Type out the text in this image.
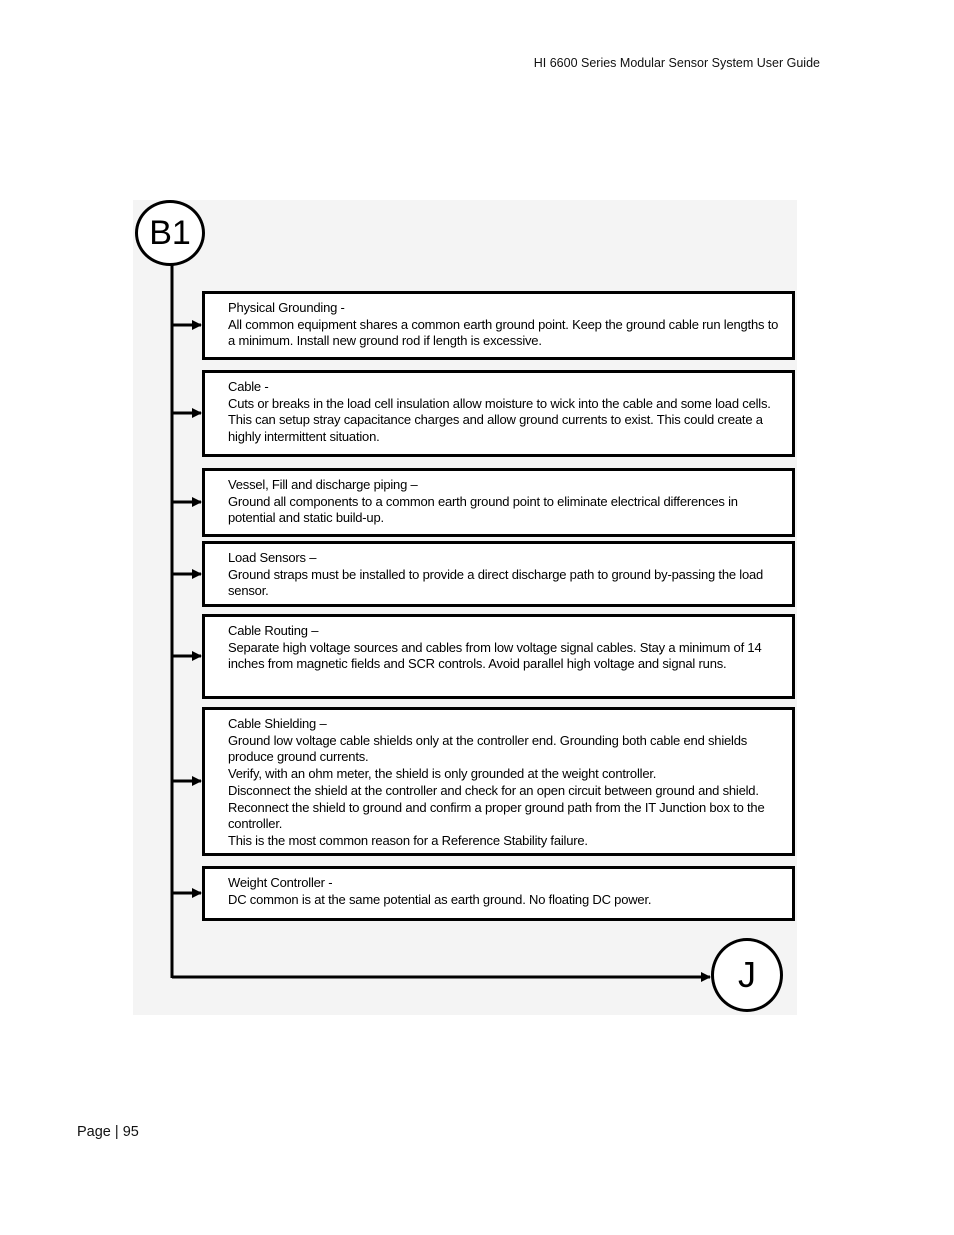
HI 6600 Series Modular Sensor System User Guide
B1
J
Physical Grounding -
All common equipment shares a common earth ground point. Keep the ground cable run lengths to a minimum. Install new ground rod if length is excessive.
Cable -
Cuts or breaks in the load cell insulation allow moisture to wick into the cable and some load cells. This can setup stray capacitance charges and allow ground currents to exist. This could create a highly intermittent situation.
Vessel, Fill and discharge piping –
Ground all components to a common earth ground point to eliminate electrical differences in potential and static build-up.
Load Sensors –
Ground straps must be installed to provide a direct discharge path to ground by-passing the load sensor.
Cable Routing –
Separate high voltage sources and cables from low voltage signal cables. Stay a minimum of 14 inches from magnetic fields and SCR controls. Avoid parallel high voltage and signal runs.
Cable Shielding –
Ground low voltage cable shields only at the controller end. Grounding both cable end shields produce ground currents.
Verify, with an ohm meter, the shield is only grounded at the weight controller.
Disconnect the shield at the controller and check for an open circuit between ground and shield.
Reconnect the shield to ground and confirm a proper ground path from the IT Junction box to the controller.
This is the most common reason for a Reference Stability failure.
Weight Controller -
DC common is at the same potential as earth ground. No floating DC power.
Page | 95
